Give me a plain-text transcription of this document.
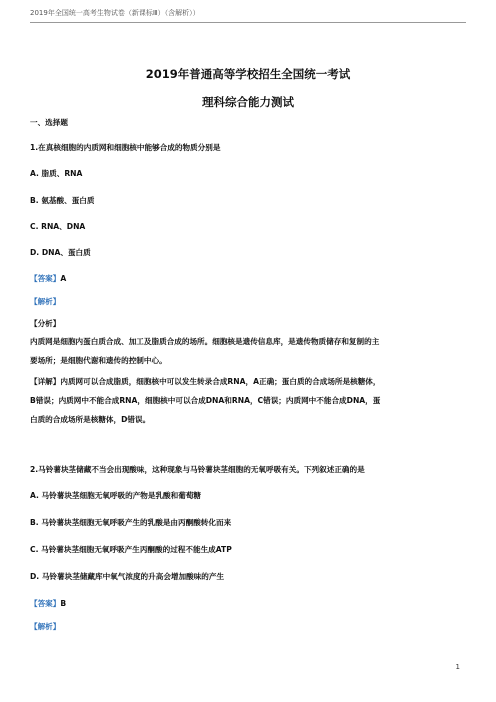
2019年全国统一高考生物试卷（新课标Ⅲ）（含解析））
2019年普通高等学校招生全国统一考试
理科综合能力测试
一、选择题
1.在真核细胞的内质网和细胞核中能够合成的物质分别是
A. 脂质、RNA
B. 氨基酸、蛋白质
C. RNA、DNA
D. DNA、蛋白质
【答案】A
【解析】
【分析】
内质网是细胞内蛋白质合成、加工及脂质合成的场所。细胞核是遗传信息库，是遗传物质储存和复制的主
要场所；是细胞代谢和遗传的控制中心。
【详解】内质网可以合成脂质，细胞核中可以发生转录合成RNA，A正确；蛋白质的合成场所是核糖体，
B错误；内质网中不能合成RNA，细胞核中可以合成DNA和RNA，C错误；内质网中不能合成DNA，蛋
白质的合成场所是核糖体，D错误。
2.马铃薯块茎储藏不当会出现酸味，这种现象与马铃薯块茎细胞的无氧呼吸有关。下列叙述正确的是
A. 马铃薯块茎细胞无氧呼吸的产物是乳酸和葡萄糖
B. 马铃薯块茎细胞无氧呼吸产生的乳酸是由丙酮酸转化而来
C. 马铃薯块茎细胞无氧呼吸产生丙酮酸的过程不能生成ATP
D. 马铃薯块茎储藏库中氧气浓度的升高会增加酸味的产生
【答案】B
【解析】
1
